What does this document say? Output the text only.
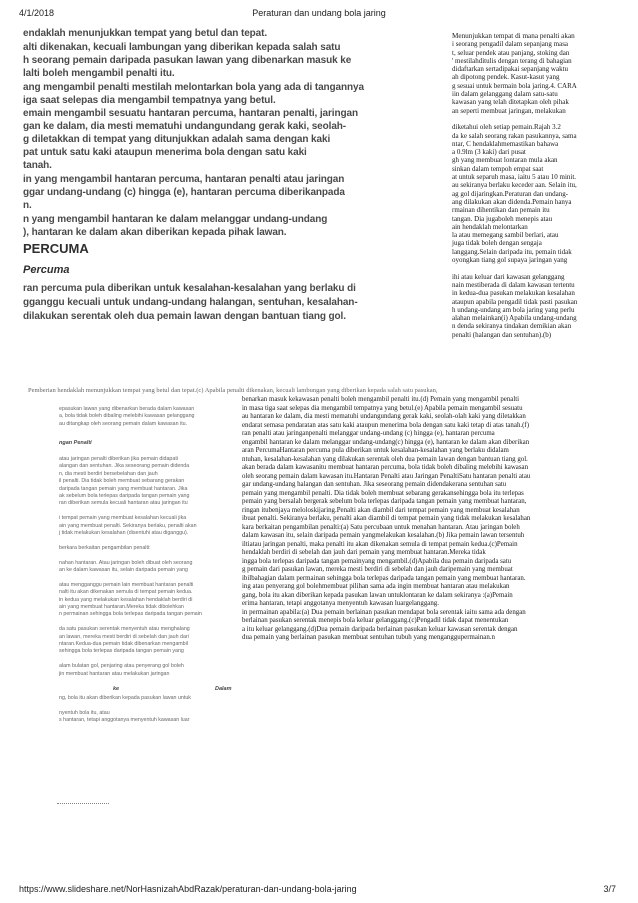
4/1/2018	Peraturan dan undang bola jaring
endaklah menunjukkan tempat yang betul dan tepat.
alti dikenakan, kecuali lambungan yang diberikan kepada salah satu
h seorang pemain daripada pasukan lawan yang dibenarkan masuk ke
lalti boleh mengambil penalti itu.
ang mengambil penalti mestilah melontarkan bola yang ada di tangannya
iga saat selepas dia mengambil tempatnya yang betul.
emain mengambil sesuatu hantaran percuma, hantaran penalti, jaringan
gan ke dalam, dia mesti mematuhi undangundang gerak kaki, seolah-
g diletakkan di tempat yang ditunjukkan adalah sama dengan kaki
pat untuk satu kaki ataupun menerima bola dengan satu kaki
tanah.
in yang mengambil hantaran percuma, hantaran penalti atau jaringan
ggar undang-undang (c) hingga (e), hantaran percuma diberikanpada
n.
n yang mengambil hantaran ke dalam melanggar undang-undang
), hantaran ke dalam akan diberikan kepada pihak lawan.
PERCUMA
Percuma
ran percuma pula diberikan untuk kesalahan-kesalahan yang berlaku di
gganggu kecuali untuk undang-undang halangan, sentuhan, kesalahan-
dilakukan serentak oleh dua pemain lawan dengan bantuan tiang gol.
Menunjukkan tempat di mana penalti akan
i seorang pengadil dalam sepanjang masa
t, seluar pendek atau panjang, stoking dan
' mestilahditulis dengan terang di bahagian
didaftarkan sertadipakai sepanjang waktu
ah dipotong pendek. Kasut-kasut yang
g sesuai untuk bermain bola jaring.4. CARA
iin dalam gelanggang dalam satu-satu
kawasan yang telah ditetapkan oleh pihak
an seperti membuat jaringan, melakukan
diketahui oleh setiap pemain.Rajah 3.2
da ke salah seorang rakan pasukannya, sama
ntar, C hendaklahmemastikan bahawa
a 0.9lm (3 kaki) dari pusat
gh yang membuat lontaran mula akan
sinkan dalam tempoh empat saat
at untuk separuh masa, iaitu 5 atau 10 minit.
au sekiranya berlaku keceder aan. Selain itu,
ag gol dijaringkan.Peraturan dan undang-
ang dilakukan akan didenda.Pemain hanya
rmainan dihentikan dan pemain itu
tangan. Dia jugaboleh menepis atau
ain hendaklah melontarkan
la atau memegang sambil berlari, atau
juga tidak boleh dengan sengaja
langgang.Selain daripada itu, pemain tidak
oyongkan tiang gol supaya jaringan yang
ihi atau keluar dari kawasan gelanggang
nain mestiberada di dalam kawasan tertentu
in kedua-dua pasukan melakukan kesalahan
ataupun apabila pengadil tidak pasti pasukan
h undang-undang am bola jaring yang perlu
alahan melainkan(i) Apabila undang-undang
n denda sekiranya tindakan demikian akan
penalti (halangan dan sentuhan).(b)
Pemberian hendaklah menunjukkan tempat yang betul dan tepat.(c) Apabila penalti dikenakan, kecuali lambungan yang diberikan kepada salah satu pasukan,
benarkan masuk kekawasan penalti boleh mengambil penalti itu.(d) Pemain yang mengambil penalti
in masa tiga saat selepas dia mengambil tempatnya yang betul.(e) Apabila pemain mengambil sesuatu
au hantaran ke dalam, dia mesti mematuhi undangundang gerak kaki, seolah-olah kaki yang diletakkan
endarat semasa pendaratan atas satu kaki ataupun menerima bola dengan satu kaki tetap di atas tanah.(f)
ran penalti atau jaringanpenalti melanggar undang-undang (c) hingga (e), hantaran percuma
engambil hantaran ke dalam melanggar undang-undang(c) hingga (e), hantaran ke dalam akan diberikan
aran PercumaHantaran percuma pula diberikan untuk kesalahan-kesalahan yang berlaku didalam
ntuhan, kesalahan-kesalahan yang dilakukan serentak oleh dua pemain lawan dengan bantuan tiang gol.
akan berada dalam kawasanitu membuat hantaran percuma, bola tidak boleh dibaling melebihi kawasan
oleh seorang pemain dalam kawasan itu.Hantaran Penalti atau Jaringan PenaltiSatu hantaran penalti atau
gar undang-undang halangan dan sentuhan. Jika seseorang pemain didendakerana sentuhan satu
pemain yang mengambil penalti. Dia tidak boleh membuat sebarang gerakansehingga bola itu terlepas
pemain yang bersalah bergerak sebelum bola terlepas daripada tangan pemain yang membuat hantaran,
ringan itubenjaya meloloskijaring.Penalti akan diambil dari tempat pemain yang membuat kesalahan
ibuat penalti. Sekiranya berlaku, penalti akan diambil di tempat pemain yang tidak melakukan kesalahan
kara berkaitan pengambilan penalti:(a) Satu percubaan untuk menahan hantaran. Atau jaringan boleh
dalam kawasan itu, selain daripada pemain yangmelakukan kesalahan.(b) Jika pemain lawan tersentuh
iltiatau jaringan penalti, maka penalti itu akan dikenakan semula di tempat pemain kedua.(c)Pemain
hendaklah berdiri di sebelah dan jauh dari pemain yang membuat hantaran.Mereka tidak
ingga bola terlepas daripada tangan pemainyang mengambil.(d)Apabila dua pemain daripada satu
g pemain dari pasukan lawan, mereka mesti berdiri di sebelah dan jauh daripemain yang membuat
ibilbahagian dalam permainan sehingga bola terlepas daripada tangan pemain yang membuat hantaran.
ing atau penyerang gol bolehmembuat pilihan sama ada ingin membuat hantaran atau melakukan
gang, bola itu akan diberikan kepada pasukan lawan untuklontaran ke dalam sekiranya :(a)Pemain
erima hantaran, tetapi anggotanya menyentuh kawasan luargelanggang.
in permainan apabila:(a) Dua pemain berlainan pasukan mendapat bola serentak iaitu sama ada dengan
berlainan pasukan serentak menepis bola keluar gelanggang.(c)Pengadil tidak dapat menentukan
a itu keluar gelanggang.(d)Dua pemain daripada berlainan pasukan keluar kawasan serentak dengan
dua pemain yang berlainan pasukan membuat sentuhan tubuh yang menganggupermainan.n
epasukan lawan yang dibenarkan berada dalam kawasan
a, bola tidak boleh dibaling melebihi kawasan gelanggang
au ditangkap oleh seorang pemain dalam kawasan itu.
ngan Penalti
atau jaringan penalti diberikan jika pemain didapati
alangan dan sentuhan. Jika seseorang pemain didenda
n, dia mesti berdiri bersebelahan dan jauh
il penalti. Dia tidak boleh membuat sebarang gerakan
daripada tangan pemain yang membuat hantaran. Jika
ak sebelum bola terlepas daripada tangan pemain yang
ran diberikan semula kecuali hantaran atau jaringan itu
i tempat pemain yang membuat kesalahan kecuali jika
ain yang membuat penalti. Sekiranya berlaku, penalti akan
j tidak melakukan kesalahan (disentuhi atau diganggu).
berkara berkaitan pengambilan penalti:
nahan hantaran. Atau jaringan boleh dibuat oleh seorang
an ke dalam kawasan itu, selain daripada pemain yang
atau mengganggu pemain lain membuat hantaran penalti
nalti itu akan dikenakan semula di tempat pemain kedua.
in kedua yang melakukan kesalahan hendaklah berdiri di
ain yang membuat hantaran.Mereka tidak dibolehkan
n permainan sehingga bola terlepas daripada tangan pemain
da satu pasukan serentak menyentuh atau menghalang
an lawan, mereka mesti berdiri di sebelah dan jauh dari
ntaran.Kedua-dua pemain tidak dibenarkan mengambil
sehingga bola terlepas daripada tangan pemain yang
alam bulatan gol, penjaring atau penyerang gol boleh
jin membuat hantaran atau melakukan jaringan
ke	Dalam
ng, bola itu akan diberikan kepada pasukan lawan untuk
nyentuh bola itu, atau
s hantaran, tetapi anggotanya menyentuh kawasan luar
https://www.slideshare.net/NorHasnizahAbdRazak/peraturan-dan-undang-bola-jaring	3/7
